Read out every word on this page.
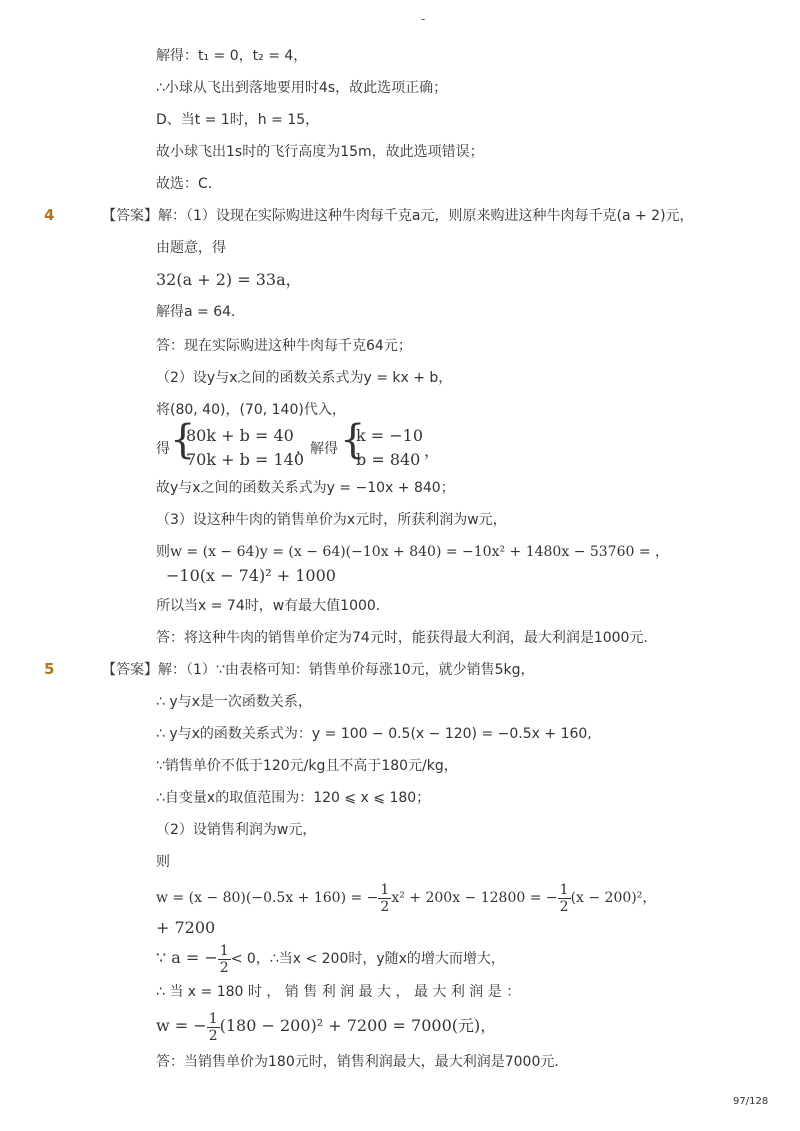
-
解得：t₁ = 0，t₂ = 4，
∴小球从飞出到落地要用时4s，故此选项正确；
D、当t = 1时，h = 15，
故小球飞出1s时的飞行高度为15m，故此选项错误；
故选：C．
4	【答案】解：（1）设现在实际购进这种牛肉每千克a元，则原来购进这种牛肉每千克(a + 2)元，
由题意，得
32(a + 2) = 33a，
解得a = 64．
答：现在实际购进这种牛肉每千克64元；
（2）设y与x之间的函数关系式为y = kx + b，
将(80, 40)，(70, 140)代入，
得 {
80k + b = 40
70k + b = 140
，解得 {
k = −10
b = 840 ，
故y与x之间的函数关系式为y = −10x + 840；
（3）设这种牛肉的销售单价为x元时，所获利润为w元，
则w = (x − 64)y = (x − 64)(−10x + 840) = −10x² + 1480x − 53760 = ，
−10(x − 74)² + 1000
所以当x = 74时，w有最大值1000．
答：将这种牛肉的销售单价定为74元时，能获得最大利润，最大利润是1000元．
5	【答案】解：（1）∵由表格可知：销售单价每涨10元，就少销售5kg，
∴ y与x是一次函数关系，
∴ y与x的函数关系式为：y = 100 − 0.5(x − 120) = −0.5x + 160,
∵销售单价不低于120元/kg且不高于180元/kg，
∴自变量x的取值范围为：120 ⩽ x ⩽ 180；
（2）设销售利润为w元，
则
w = (x − 80)(−0.5x + 160) = − $\frac{1}{2} x^2 + 200x - 12800$ = − $\frac{1}{2} (x - 200)^2$，
+ 7200
∵ a = − $\frac{1}{2} < 0$，∴当x < 200时，y随x的增大而增大，
∴ 当 x = 180 时 ， 销 售 利 润 最 大 ， 最 大 利 润 是 ：
w = − $\frac{1}{2} (180 - 200)^2 + 7200 = 7000$(元)，
答：当销售单价为180元时，销售利润最大，最大利润是7000元．
97/128
